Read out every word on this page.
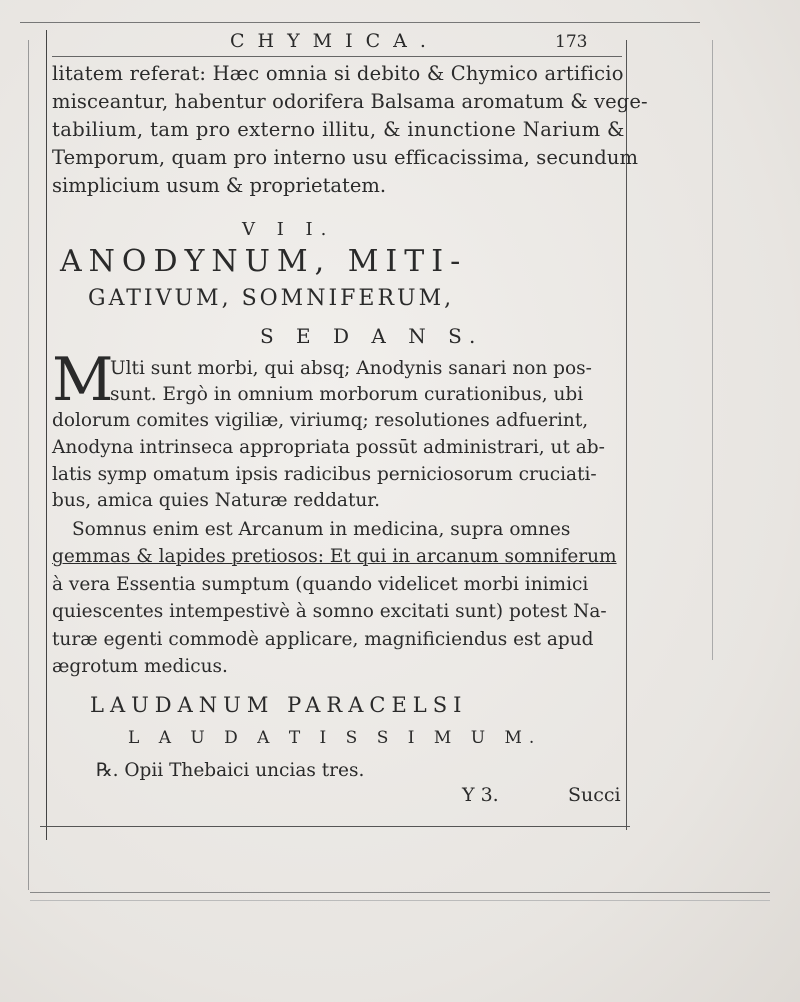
CHYMICA.	173
litatem referat: Hæc omnia si debito & Chymico artificio
misceantur, habentur odorifera Balsama aromatum & vege-
tabilium, tam pro externo illitu, & inunctione Narium &
Temporum, quam pro interno usu efficacissima, secundum
simplicium usum & proprietatem.
V I I.
ANODYNUM, MITI-
GATIVUM, SOMNIFERUM,
S E D A N S.
M
Ulti sunt morbi, qui absq; Anodynis sanari non pos-
sunt. Ergò in omnium morborum curationibus, ubi
dolorum comites vigiliæ, viriumq; resolutiones adfuerint,
Anodyna intrinseca appropriata possūt administrari, ut ab-
latis symp omatum ipsis radicibus perniciosorum cruciati-
bus, amica quies Naturæ reddatur.
Somnus enim est Arcanum in medicina, supra omnes
gemmas & lapides pretiosos: Et qui in arcanum somniferum
à vera Essentia sumptum (quando videlicet morbi inimici
quiescentes intempestivè à somno excitati sunt) potest Na-
turæ egenti commodè applicare, magnificiendus est apud
ægrotum medicus.
LAUDANUM PARACELSI
L A U D A T I S S I M U M.
℞. Opii Thebaici uncias tres.
Y 3.	Succi
